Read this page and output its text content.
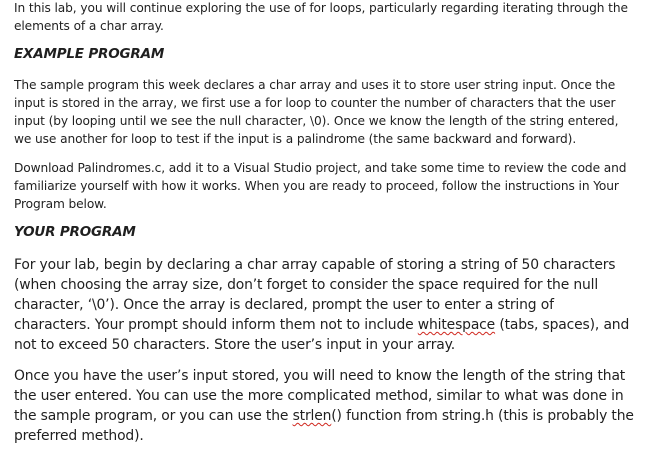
In this lab, you will continue exploring the use of for loops, particularly regarding iterating through the elements of a char array.

EXAMPLE PROGRAM

The sample program this week declares a char array and uses it to store user string input. Once the input is stored in the array, we first use a for loop to counter the number of characters that the user input (by looping until we see the null character, \0). Once we know the length of the string entered, we use another for loop to test if the input is a palindrome (the same backward and forward).

Download Palindromes.c, add it to a Visual Studio project, and take some time to review the code and familiarize yourself with how it works. When you are ready to proceed, follow the instructions in Your Program below.

YOUR PROGRAM

For your lab, begin by declaring a char array capable of storing a string of 50 characters (when choosing the array size, don’t forget to consider the space required for the null character, ‘\0’). Once the array is declared, prompt the user to enter a string of characters. Your prompt should inform them not to include whitespace (tabs, spaces), and not to exceed 50 characters. Store the user’s input in your array.

Once you have the user’s input stored, you will need to know the length of the string that the user entered. You can use the more complicated method, similar to what was done in the sample program, or you can use the strlen() function from string.h (this is probably the preferred method).
